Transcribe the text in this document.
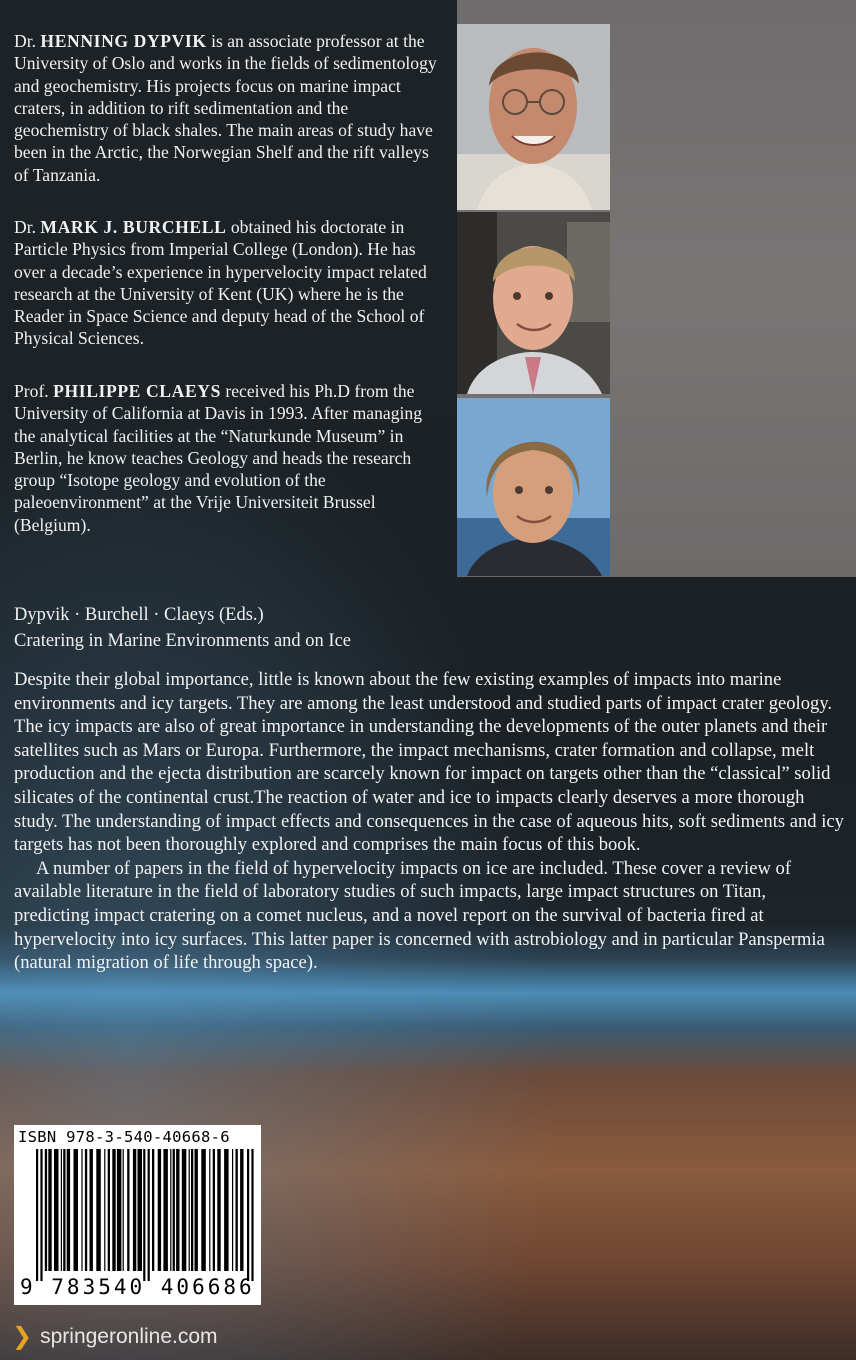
Dr. HENNING DYPVIK is an associate professor at the University of Oslo and works in the fields of sedimentology and geochemistry. His projects focus on marine impact craters, in addition to rift sedimentation and the geochemistry of black shales. The main areas of study have been in the Arctic, the Norwegian Shelf and the rift valleys of Tanzania.

Dr. MARK J. BURCHELL obtained his doctorate in Particle Physics from Imperial College (London). He has over a decade’s experience in hypervelocity impact related research at the University of Kent (UK) where he is the Reader in Space Science and deputy head of the School of Physical Sciences.

Prof. PHILIPPE CLAEYS received his Ph.D from the University of California at Davis in 1993. After managing the analytical facilities at the “Naturkunde Museum” in Berlin, he know teaches Geology and heads the research group “Isotope geology and evolution of the paleoenvironment” at the Vrije Universiteit Brussel (Belgium).

Dypvik · Burchell · Claeys (Eds.)

Cratering in Marine Environments and on Ice

Despite their global importance, little is known about the few existing examples of impacts into marine environments and icy targets. They are among the least understood and studied parts of impact crater geology. The icy impacts are also of great importance in understanding the developments of the outer planets and their satellites such as Mars or Europa. Furthermore, the impact mechanisms, crater formation and collapse, melt production and the ejecta distribution are scarcely known for impact on targets other than the “classical” solid silicates of the continental crust.The reaction of water and ice to impacts clearly deserves a more thorough study. The understanding of impact effects and consequences in the case of aqueous hits, soft sediments and icy targets has not been thoroughly explored and comprises the main focus of this book.

A number of papers in the field of hypervelocity impacts on ice are included. These cover a review of available literature in the field of laboratory studies of such impacts, large impact structures on Titan, predicting impact cratering on a comet nucleus, and a novel report on the survival of bacteria fired at hypervelocity into icy surfaces. This latter paper is concerned with astrobiology and in particular Panspermia (natural migration of life through space).

ISBN 978-3-540-40668-6
9 783540 406686
❯ springeronline.com
